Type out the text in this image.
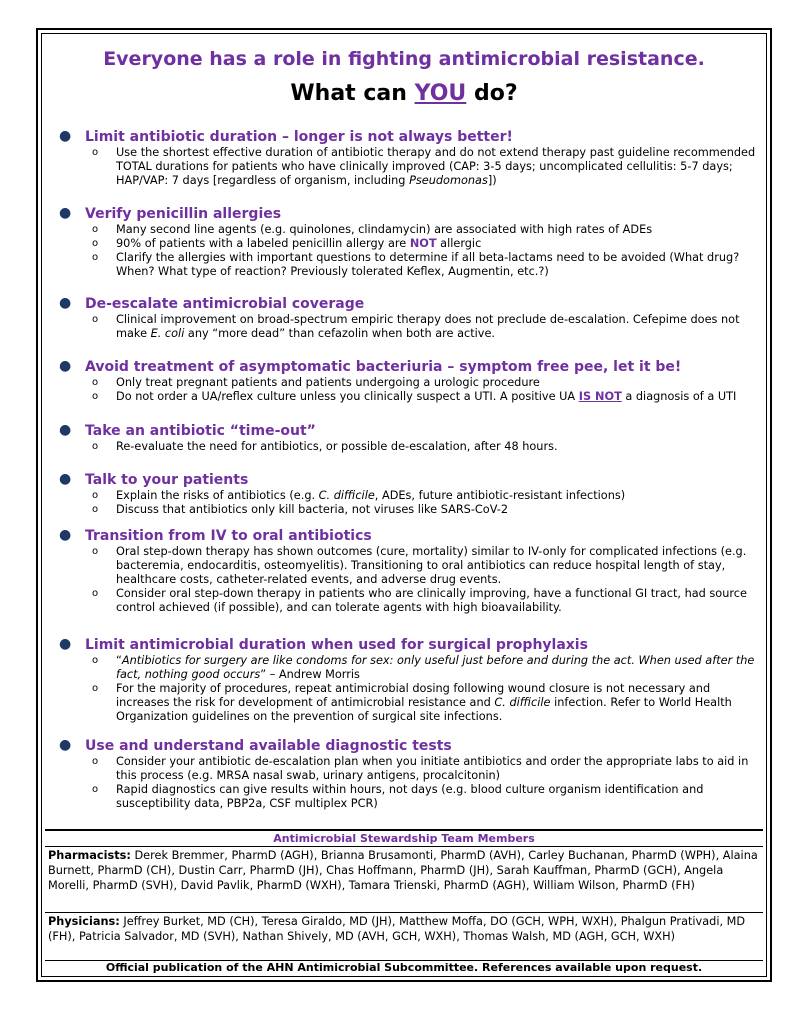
Everyone has a role in fighting antimicrobial resistance.
What can YOU do?
● Limit antibiotic duration – longer is not always better!
o Use the shortest effective duration of antibiotic therapy and do not extend therapy past guideline recommended TOTAL durations for patients who have clinically improved (CAP: 3-5 days; uncomplicated cellulitis: 5-7 days; HAP/VAP: 7 days [regardless of organism, including Pseudomonas])
● Verify penicillin allergies
o Many second line agents (e.g. quinolones, clindamycin) are associated with high rates of ADEs
o 90% of patients with a labeled penicillin allergy are NOT allergic
o Clarify the allergies with important questions to determine if all beta-lactams need to be avoided (What drug? When? What type of reaction? Previously tolerated Keflex, Augmentin, etc.?)
● De-escalate antimicrobial coverage
o Clinical improvement on broad-spectrum empiric therapy does not preclude de-escalation. Cefepime does not make E. coli any “more dead” than cefazolin when both are active.
● Avoid treatment of asymptomatic bacteriuria – symptom free pee, let it be!
o Only treat pregnant patients and patients undergoing a urologic procedure
o Do not order a UA/reflex culture unless you clinically suspect a UTI. A positive UA IS NOT a diagnosis of a UTI
● Take an antibiotic “time-out”
o Re-evaluate the need for antibiotics, or possible de-escalation, after 48 hours.
● Talk to your patients
o Explain the risks of antibiotics (e.g. C. difficile, ADEs, future antibiotic-resistant infections)
o Discuss that antibiotics only kill bacteria, not viruses like SARS-CoV-2
● Transition from IV to oral antibiotics
o Oral step-down therapy has shown outcomes (cure, mortality) similar to IV-only for complicated infections (e.g. bacteremia, endocarditis, osteomyelitis). Transitioning to oral antibiotics can reduce hospital length of stay, healthcare costs, catheter-related events, and adverse drug events.
o Consider oral step-down therapy in patients who are clinically improving, have a functional GI tract, had source control achieved (if possible), and can tolerate agents with high bioavailability.
● Limit antimicrobial duration when used for surgical prophylaxis
o “Antibiotics for surgery are like condoms for sex: only useful just before and during the act. When used after the fact, nothing good occurs” – Andrew Morris
o For the majority of procedures, repeat antimicrobial dosing following wound closure is not necessary and increases the risk for development of antimicrobial resistance and C. difficile infection. Refer to World Health Organization guidelines on the prevention of surgical site infections.
● Use and understand available diagnostic tests
o Consider your antibiotic de-escalation plan when you initiate antibiotics and order the appropriate labs to aid in this process (e.g. MRSA nasal swab, urinary antigens, procalcitonin)
o Rapid diagnostics can give results within hours, not days (e.g. blood culture organism identification and susceptibility data, PBP2a, CSF multiplex PCR)
Antimicrobial Stewardship Team Members
Pharmacists: Derek Bremmer, PharmD (AGH), Brianna Brusamonti, PharmD (AVH), Carley Buchanan, PharmD (WPH), Alaina Burnett, PharmD (CH), Dustin Carr, PharmD (JH), Chas Hoffmann, PharmD (JH), Sarah Kauffman, PharmD (GCH), Angela Morelli, PharmD (SVH), David Pavlik, PharmD (WXH), Tamara Trienski, PharmD (AGH), William Wilson, PharmD (FH)
Physicians: Jeffrey Burket, MD (CH), Teresa Giraldo, MD (JH), Matthew Moffa, DO (GCH, WPH, WXH), Phalgun Prativadi, MD (FH), Patricia Salvador, MD (SVH), Nathan Shively, MD (AVH, GCH, WXH), Thomas Walsh, MD (AGH, GCH, WXH)
Official publication of the AHN Antimicrobial Subcommittee. References available upon request.
